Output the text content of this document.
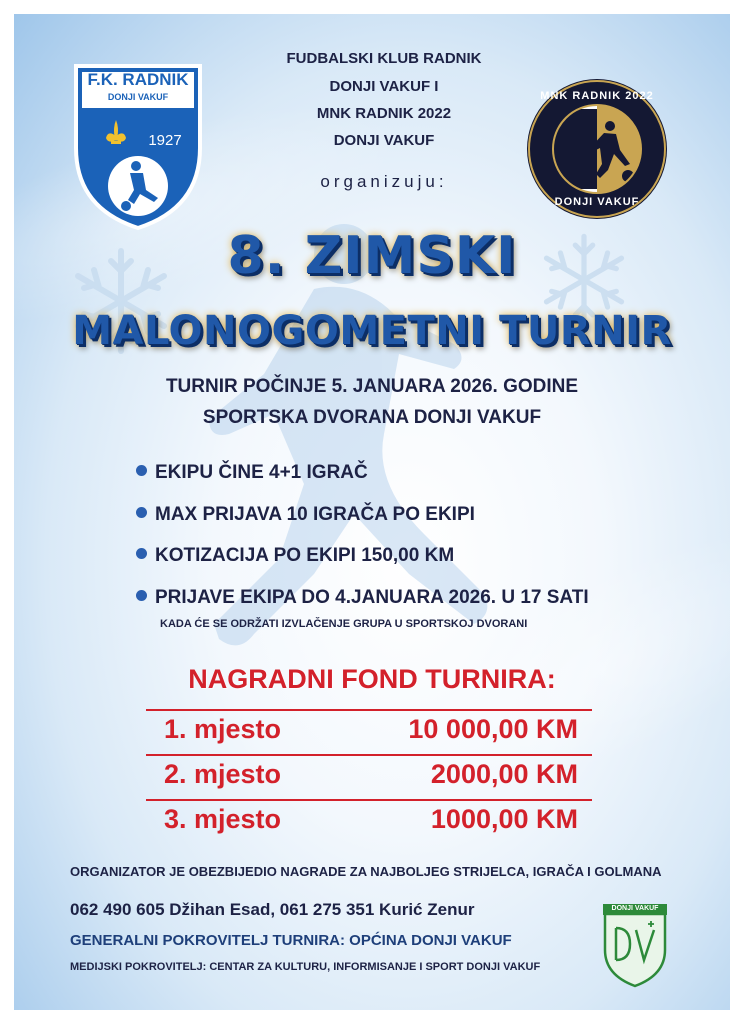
F.K. RADNIK
DONJI VAKUF
1927
FUDBALSKI KLUB RADNIK
DONJI VAKUF I
MNK RADNIK 2022
DONJI VAKUF
organizuju:
MNK RADNIK 2022
DONJI VAKUF
8. ZIMSKI
MALONOGOMETNI TURNIR
TURNIR POČINJE 5. JANUARA 2026. GODINE
SPORTSKA DVORANA DONJI VAKUF
EKIPU ČINE 4+1 IGRAČ
MAX PRIJAVA 10 IGRAČA PO EKIPI
KOTIZACIJA PO EKIPI 150,00 KM
PRIJAVE EKIPA DO 4.JANUARA 2026. U 17 SATI
KADA ĆE SE ODRŽATI IZVLAČENJE GRUPA U SPORTSKOJ DVORANI
NAGRADNI FOND TURNIRA:
1. mjesto	10 000,00 KM
2. mjesto	2000,00 KM
3. mjesto	1000,00 KM
ORGANIZATOR JE OBEZBIJEDIO NAGRADE ZA NAJBOLJEG STRIJELCA, IGRAČA I GOLMANA
062 490 605 Džihan Esad, 061 275 351 Kurić Zenur
GENERALNI POKROVITELJ TURNIRA: OPĆINA DONJI VAKUF
MEDIJSKI POKROVITELJ: CENTAR ZA KULTURU, INFORMISANJE I SPORT DONJI VAKUF
DONJI VAKUF
